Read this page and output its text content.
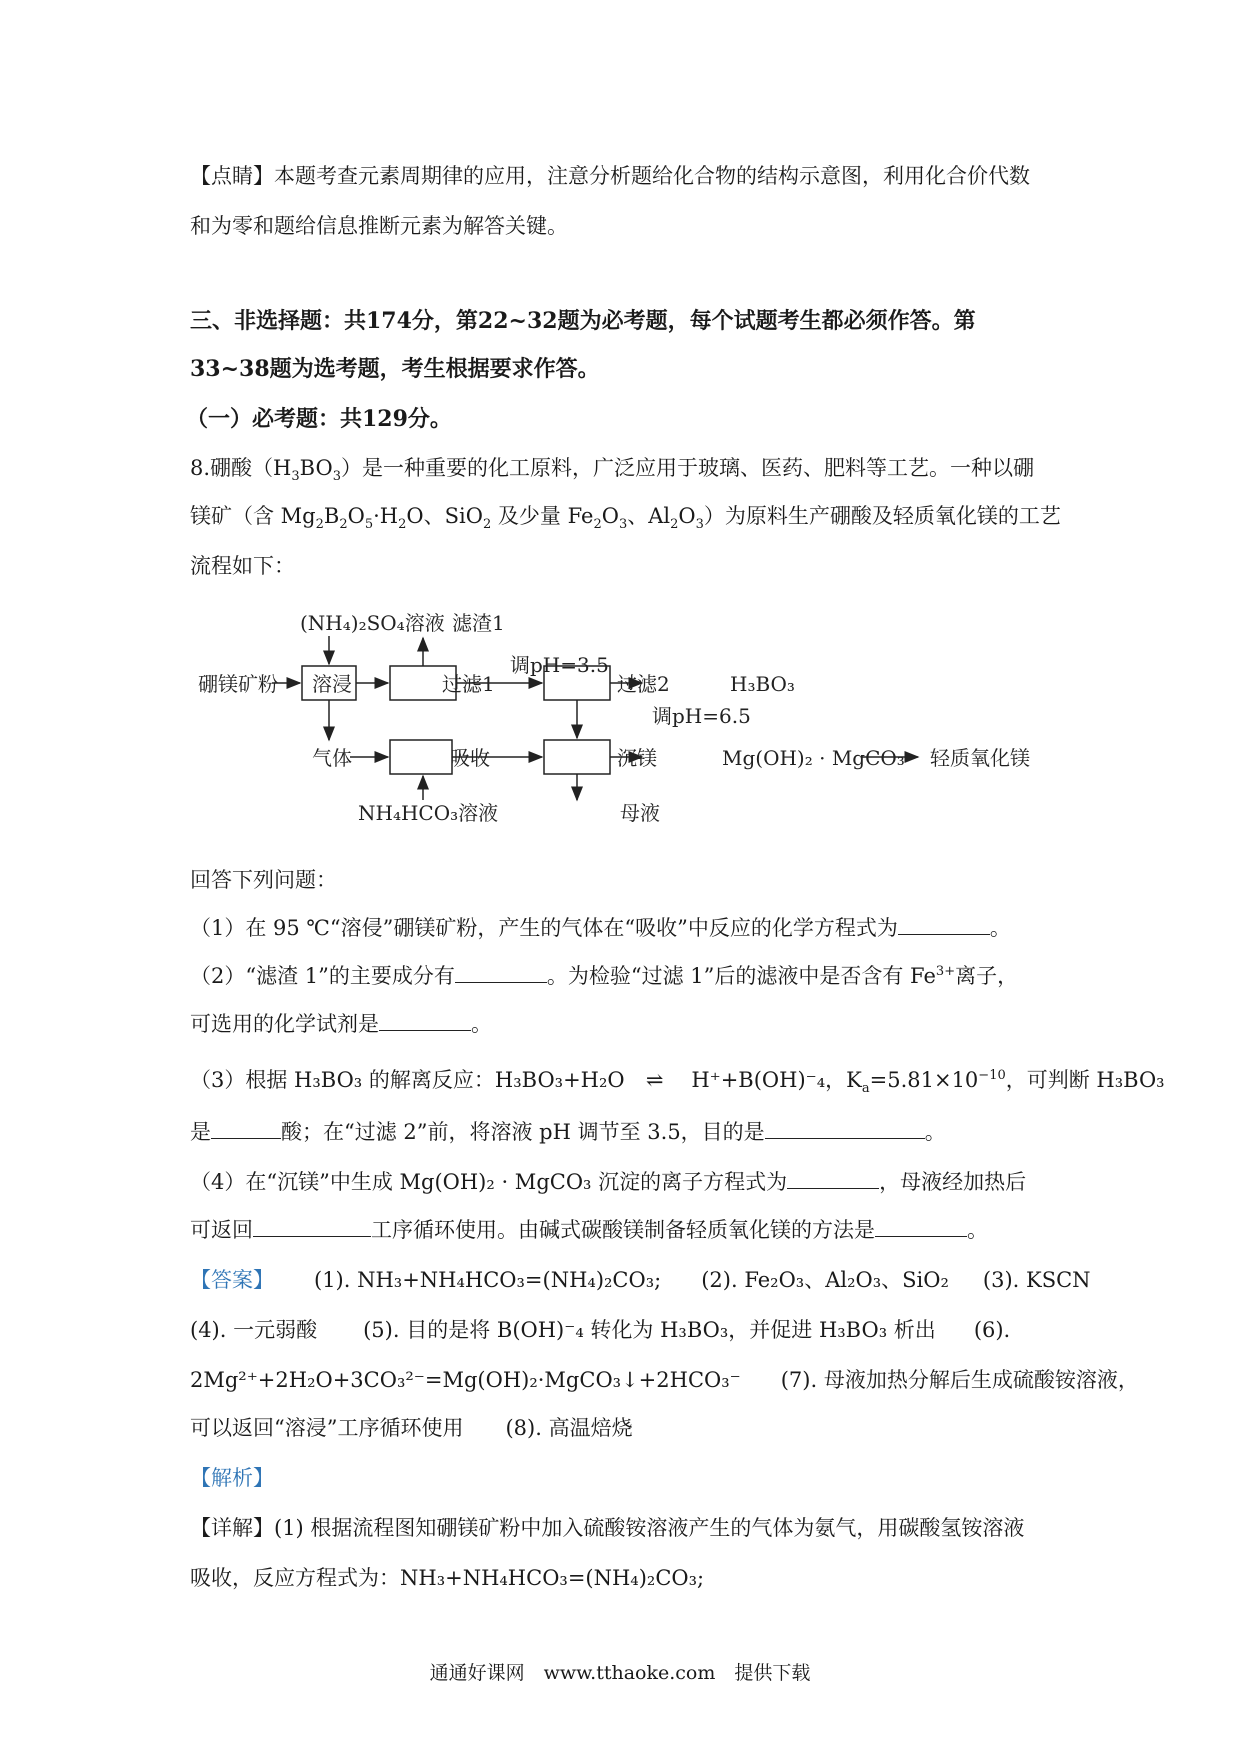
【点睛】本题考查元素周期律的应用，注意分析题给化合物的结构示意图，利用化合价代数
和为零和题给信息推断元素为解答关键。
三、非选择题：共174分，第22~32题为必考题，每个试题考生都必须作答。第
33~38题为选考题，考生根据要求作答。
（一）必考题：共129分。
8.硼酸$(H_3BO_3)$是一种重要的化工原料，广泛应用于玻璃、医药、肥料等工艺。一种以硼
镁矿（含 $Mg_2B_2O_5\cdot H_2O$、SiO$_2$ 及少量 $Fe_2O_3$、$Al_2O_3$）为原料生产硼酸及轻质氧化镁的工艺
流程如下：
(NH₄)₂SO₄溶液 滤渣1
硼镁矿粉 溶浸	过滤1
调pH=3.5
过滤2	H₃BO₃
调pH=6.5
气体	吸收	沉镁	Mg(OH)₂ · MgCO₃ 轻质氧化镁
NH₄HCO₃溶液	母液
回答下列问题：
（1）在 95 ℃“溶侵”硼镁矿粉，产生的气体在“吸收”中反应的化学方程式为	。
（2）“滤渣 1”的主要成分有	。为检验“过滤 1”后的滤液中是否含有 $Fe^{3+}$离子，
可选用的化学试剂是	。
（3）根据 H₃BO₃ 的解离反应：H₃BO₃+H₂O ⇌ H⁺+B(OH)⁻₄，$K_a=5.81\times 10^{-10}$，可判断 H₃BO₃
是	酸；在“过滤 2”前，将溶液 pH 调节至 3.5，目的是	。
（4）在“沉镁”中生成 Mg(OH)₂ · MgCO₃ 沉淀的离子方程式为	，母液经加热后
可返回	工序循环使用。由碱式碳酸镁制备轻质氧化镁的方法是	。
【答案】 (1). NH₃+NH₄HCO₃=(NH₄)₂CO₃; (2). Fe₂O₃、Al₂O₃、SiO₂ (3). KSCN
(4). 一元弱酸 (5). 目的是将 B(OH)⁻₄ 转化为 H₃BO₃，并促进 H₃BO₃ 析出 (6).
2Mg²⁺+2H₂O+3CO₃²⁻=Mg(OH)₂·MgCO₃↓+2HCO₃⁻ (7). 母液加热分解后生成硫酸铵溶液，
可以返回“溶浸”工序循环使用　　(8). 高温焙烧
【解析】
【详解】(1) 根据流程图知硼镁矿粉中加入硫酸铵溶液产生的气体为氨气，用碳酸氢铵溶液
吸收，反应方程式为：NH₃+NH₄HCO₃=(NH₄)₂CO₃;
通通好课网　www.tthaoke.com　提供下载
